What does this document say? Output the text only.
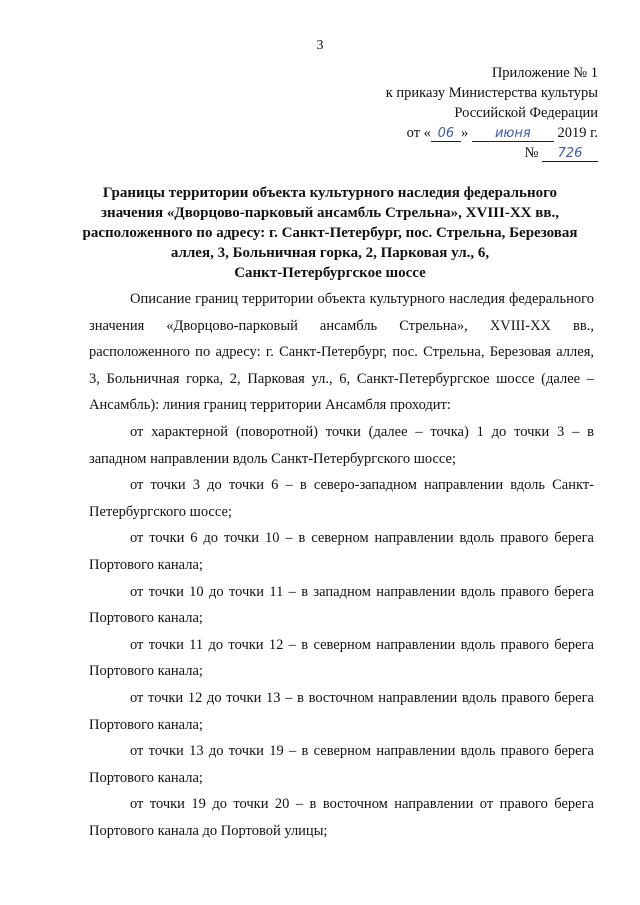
3
Приложение № 1
к приказу Министерства культуры
Российской Федерации
от « 06 » июня 2019 г.
№ 726
Границы территории объекта культурного наследия федерального
значения «Дворцово-парковый ансамбль Стрельна», XVIII-XX вв.,
расположенного по адресу: г. Санкт-Петербург, пос. Стрельна, Березовая
аллея, 3, Больничная горка, 2, Парковая ул., 6,
Санкт-Петербургское шоссе

Описание границ территории объекта культурного наследия федерального значения «Дворцово-парковый ансамбль Стрельна», XVIII-XX вв., расположенного по адресу: г. Санкт-Петербург, пос. Стрельна, Березовая аллея, 3, Больничная горка, 2, Парковая ул., 6, Санкт-Петербургское шоссе (далее – Ансамбль): линия границ территории Ансамбля проходит:

от характерной (поворотной) точки (далее – точка) 1 до точки 3 – в западном направлении вдоль Санкт-Петербургского шоссе;

от точки 3 до точки 6 – в северо-западном направлении вдоль Санкт-Петербургского шоссе;

от точки 6 до точки 10 – в северном направлении вдоль правого берега Портового канала;

от точки 10 до точки 11 – в западном направлении вдоль правого берега Портового канала;

от точки 11 до точки 12 – в северном направлении вдоль правого берега Портового канала;

от точки 12 до точки 13 – в восточном направлении вдоль правого берега Портового канала;

от точки 13 до точки 19 – в северном направлении вдоль правого берега Портового канала;

от точки 19 до точки 20 – в восточном направлении от правого берега Портового канала до Портовой улицы;
